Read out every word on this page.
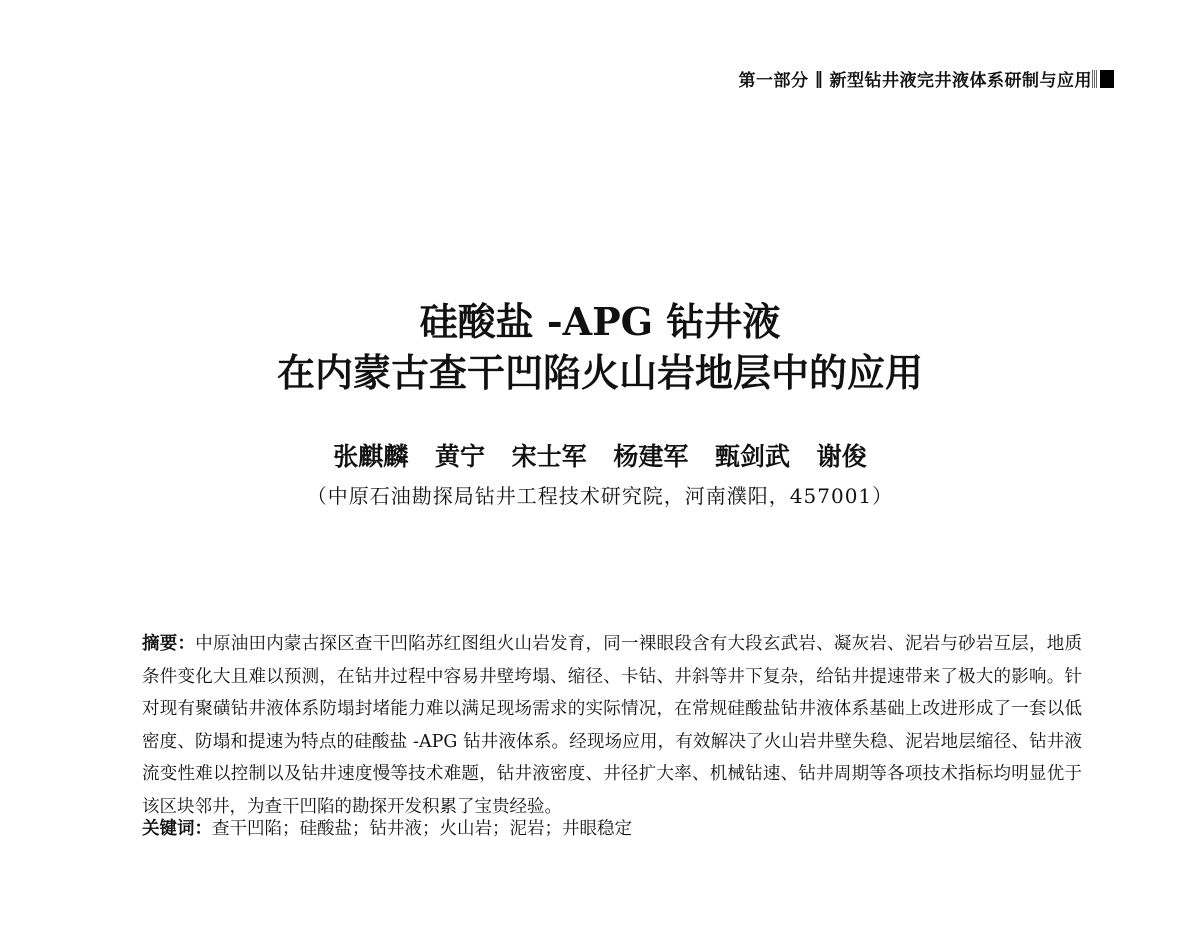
第一部分 ‖ 新型钻井液完井液体系研制与应用
硅酸盐 -APG 钻井液
在内蒙古查干凹陷火山岩地层中的应用
张麒麟 黄宁 宋士军 杨建军 甄剑武 谢俊
（中原石油勘探局钻井工程技术研究院，河南濮阳，457001）
摘要：中原油田内蒙古探区查干凹陷苏红图组火山岩发育，同一裸眼段含有大段玄武岩、凝灰岩、泥岩与砂岩互层，地质条件变化大且难以预测，在钻井过程中容易井壁垮塌、缩径、卡钻、井斜等井下复杂，给钻井提速带来了极大的影响。针对现有聚磺钻井液体系防塌封堵能力难以满足现场需求的实际情况，在常规硅酸盐钻井液体系基础上改进形成了一套以低密度、防塌和提速为特点的硅酸盐 -APG 钻井液体系。经现场应用，有效解决了火山岩井壁失稳、泥岩地层缩径、钻井液流变性难以控制以及钻井速度慢等技术难题，钻井液密度、井径扩大率、机械钻速、钻井周期等各项技术指标均明显优于该区块邻井，为查干凹陷的勘探开发积累了宝贵经验。
关键词：查干凹陷；硅酸盐；钻井液；火山岩；泥岩；井眼稳定
